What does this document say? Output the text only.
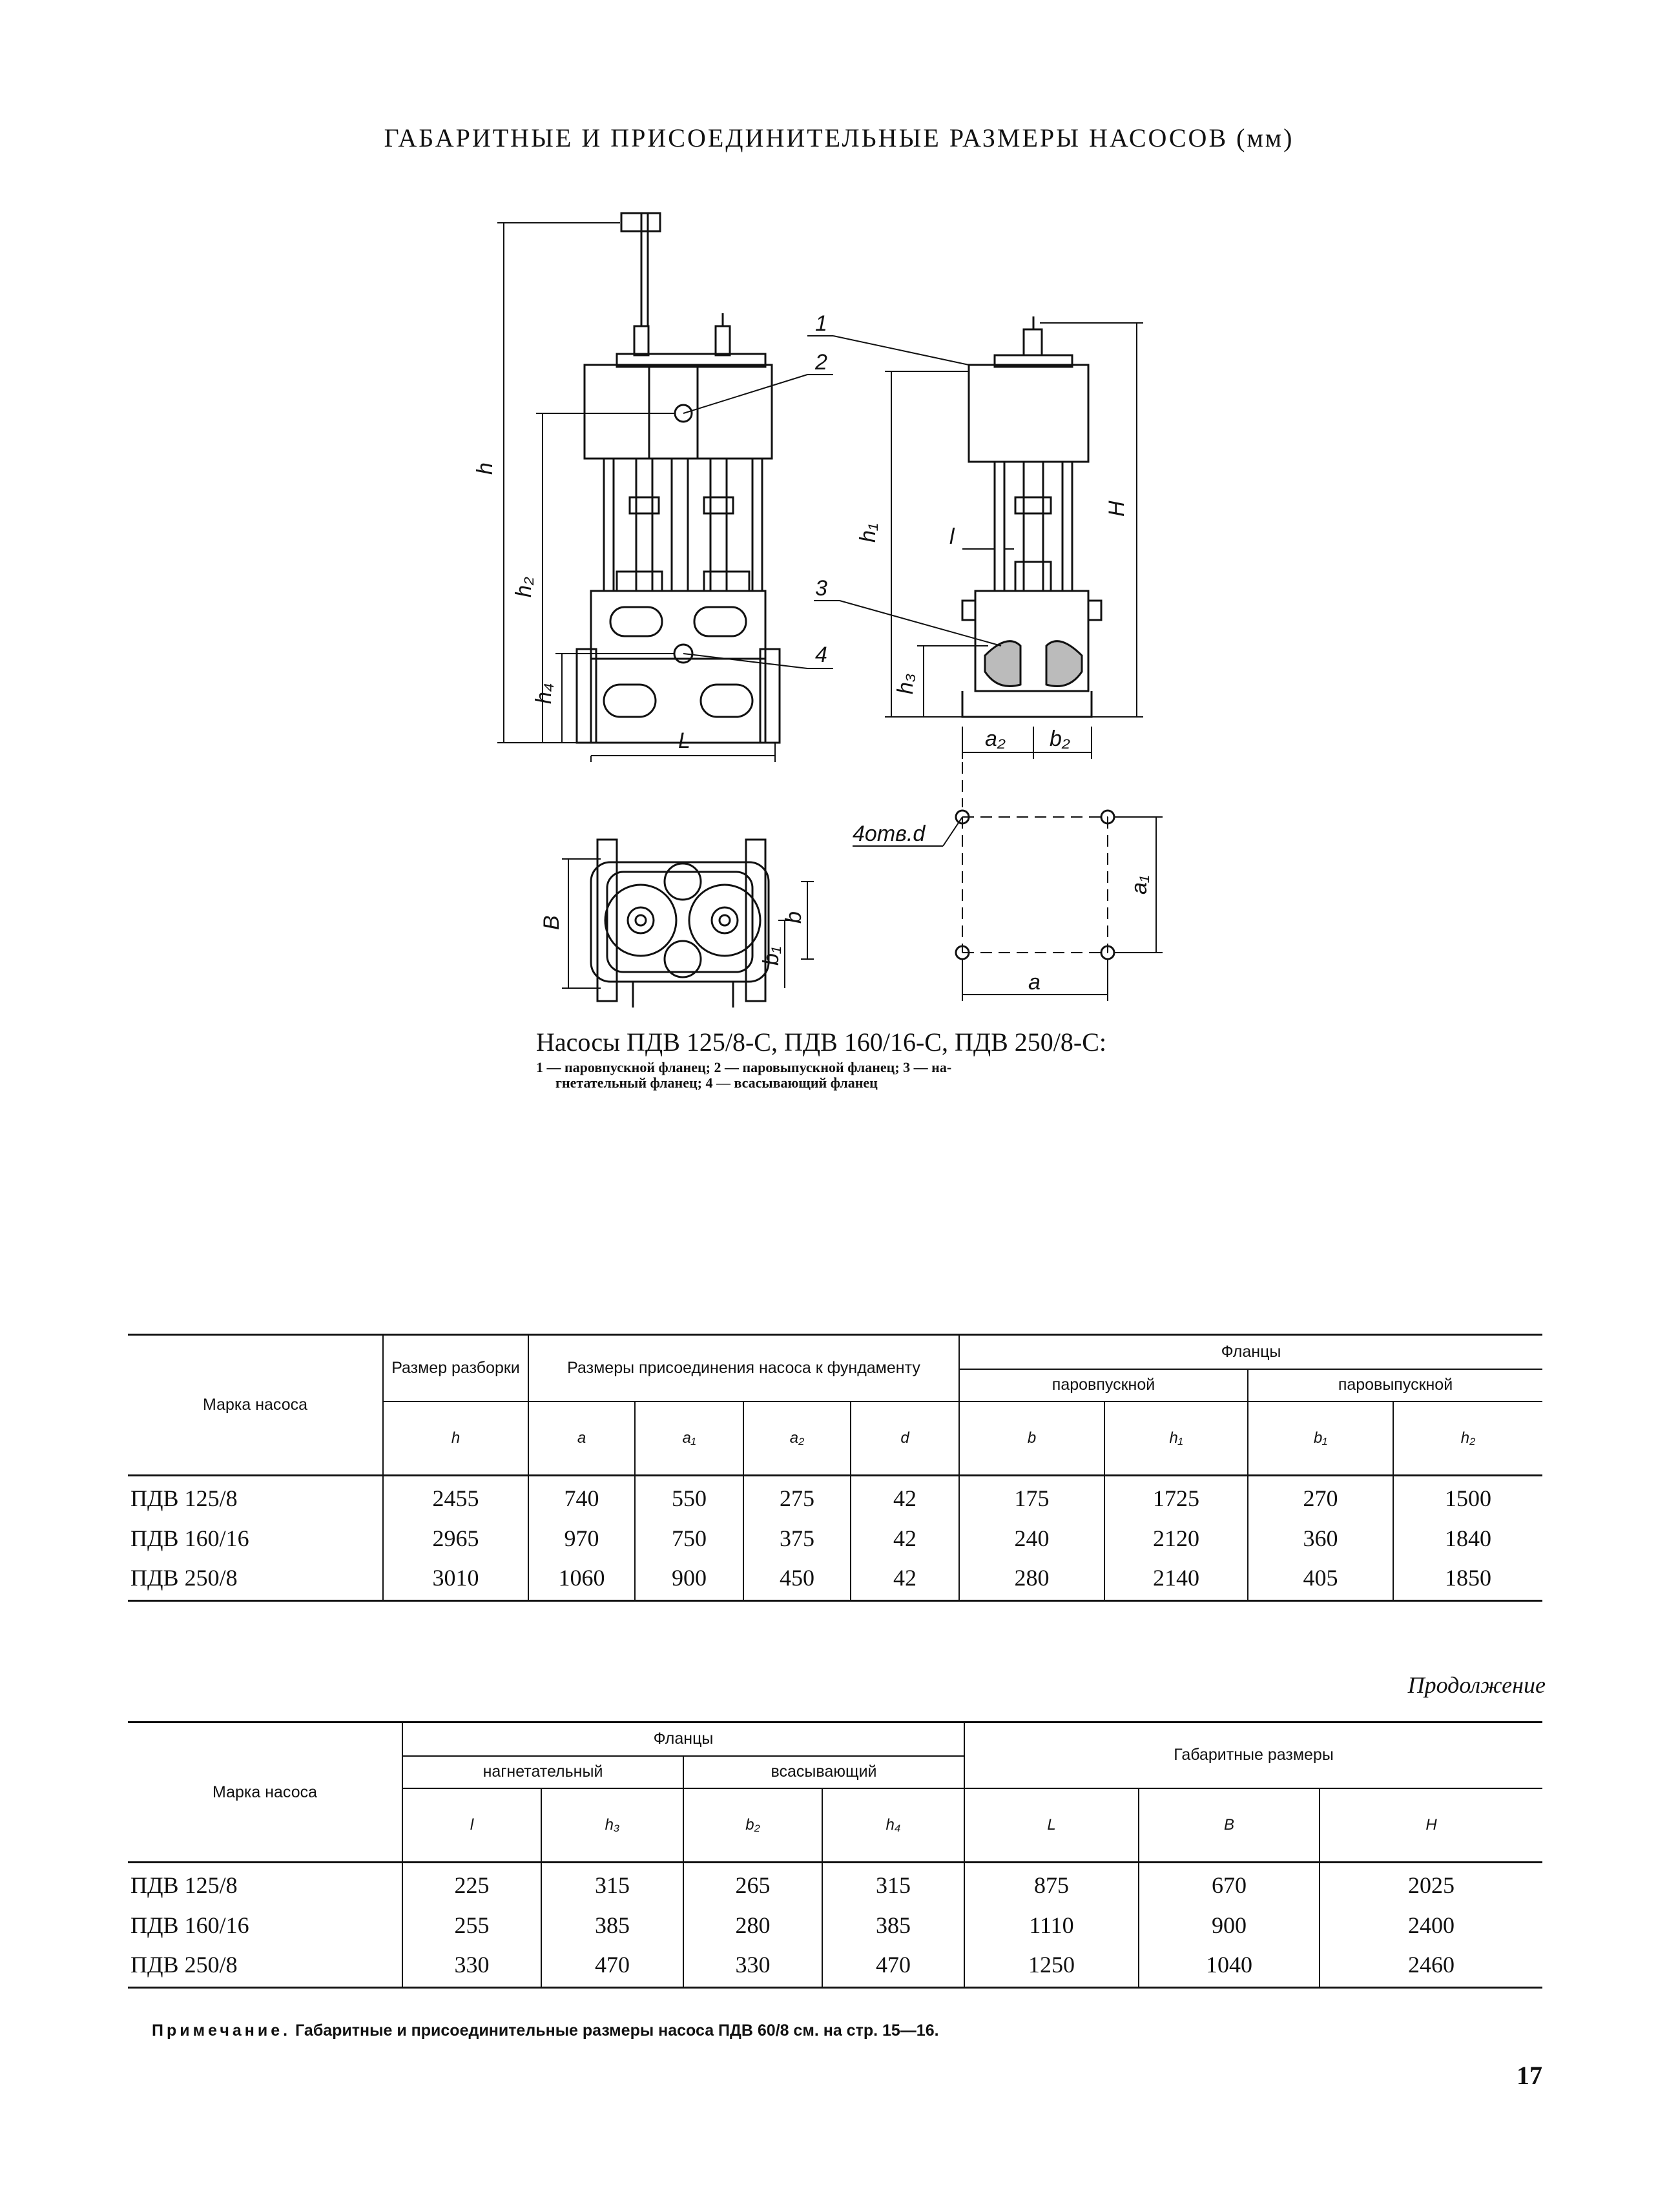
ГАБАРИТНЫЕ И ПРИСОЕДИНИТЕЛЬНЫЕ РАЗМЕРЫ НАСОСОВ (мм)
h
h₂
h₄
L
h₁
h₃
H
l
a₂ b₂
a₁
a
4отв.d
B	b
b₁
1
2
3
4
Насосы ПДВ 125/8-С, ПДВ 160/16-С, ПДВ 250/8-С:
1 — паровпускной фланец; 2 — паровыпускной фланец; 3 — на-
гнетательный фланец; 4 — всасывающий фланец
Марка насоса	Размер разборки	Размеры присоединения насоса к фундаменту				Фланцы			
						паровпускной		паровыпускной	
	h	a	a₁	a₂	d	b	h₁	b₁	h₂
ПДВ 125/8	2455	740	550	275	42	175	1725	270	1500
ПДВ 160/16	2965	970	750	375	42	240	2120	360	1840
ПДВ 250/8	3010	1060	900	450	42	280	2140	405	1850
Продолжение
Марка насоса	Фланцы				Габаритные размеры		
	нагнетательный		всасывающий				
	l	h₃	b₂	h₄	L	B	H
ПДВ 125/8	225	315	265	315	875	670	2025
ПДВ 160/16	255	385	280	385	1110	900	2400
ПДВ 250/8	330	470	330	470	1250	1040	2460
Примечание. Габаритные и присоединительные размеры насоса ПДВ 60/8 см. на стр. 15—16.
17
